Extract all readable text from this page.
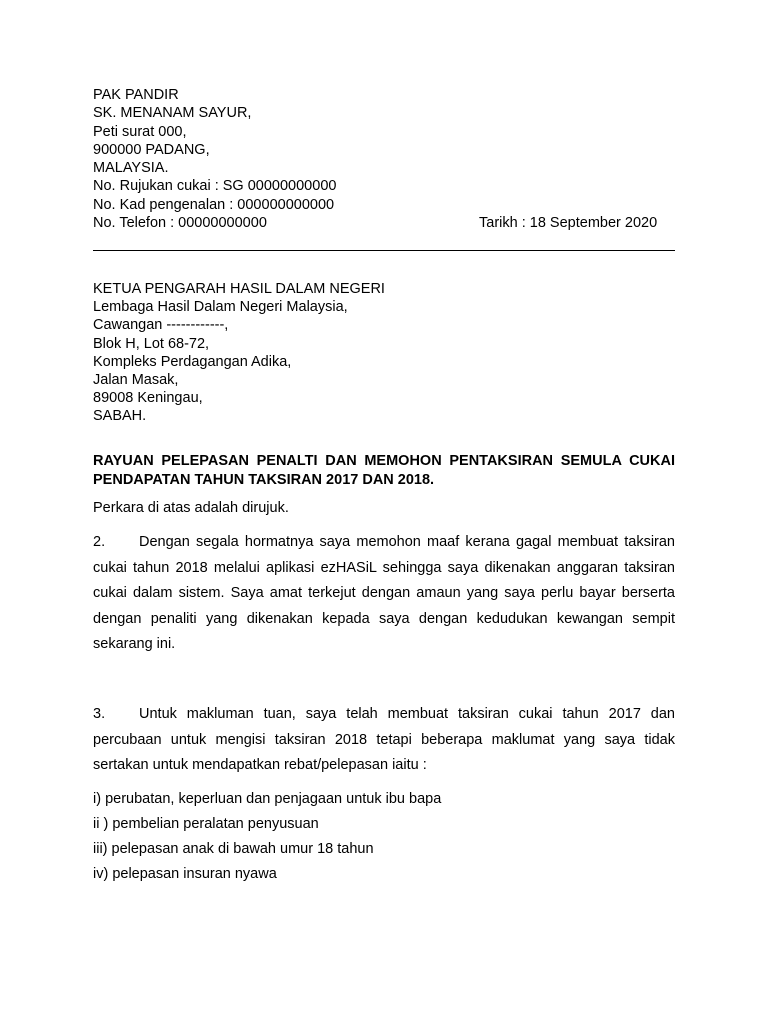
PAK PANDIR
SK. MENANAM SAYUR,
Peti surat 000,
900000 PADANG,
MALAYSIA.
No. Rujukan cukai : SG 00000000000
No. Kad pengenalan : 000000000000
No. Telefon : 00000000000	Tarikh : 18 September 2020
KETUA PENGARAH HASIL DALAM NEGERI
Lembaga Hasil Dalam Negeri Malaysia,
Cawangan ------------,
Blok H, Lot 68-72,
Kompleks Perdagangan Adika,
Jalan Masak,
89008 Keningau,
SABAH.
RAYUAN PELEPASAN PENALTI DAN MEMOHON PENTAKSIRAN SEMULA CUKAI PENDAPATAN TAHUN TAKSIRAN 2017 DAN 2018.
Perkara di atas adalah dirujuk.
2. Dengan segala hormatnya saya memohon maaf kerana gagal membuat taksiran cukai tahun 2018 melalui aplikasi ezHASiL sehingga saya dikenakan anggaran taksiran cukai dalam sistem. Saya amat terkejut dengan amaun yang saya perlu bayar berserta dengan penaliti yang dikenakan kepada saya dengan kedudukan kewangan sempit sekarang ini.
3. Untuk makluman tuan, saya telah membuat taksiran cukai tahun 2017 dan percubaan untuk mengisi taksiran 2018 tetapi beberapa maklumat yang saya tidak sertakan untuk mendapatkan rebat/pelepasan iaitu :
i) perubatan, keperluan dan penjagaan untuk ibu bapa
ii ) pembelian peralatan penyusuan
iii) pelepasan anak di bawah umur 18 tahun
iv) pelepasan insuran nyawa
